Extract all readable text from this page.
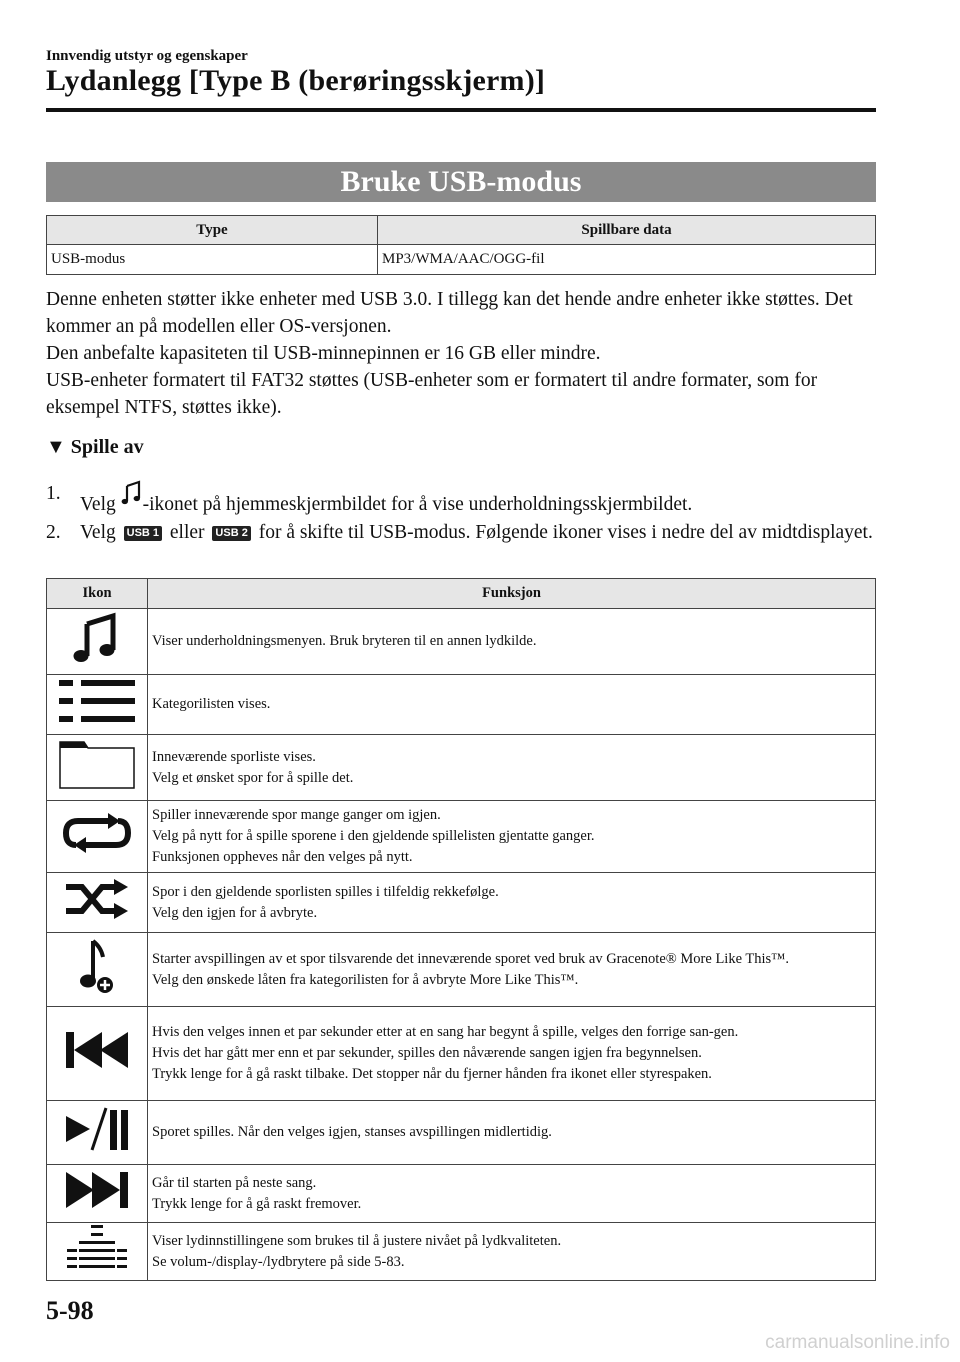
Innvendig utstyr og egenskaper
Lydanlegg [Type B (berøringsskjerm)]
Bruke USB-modus
Type	Spillbare data
USB-modus	MP3/WMA/AAC/OGG-fil

Denne enheten støtter ikke enheter med USB 3.0. I tillegg kan det hende andre enheter ikke støttes. Det kommer an på modellen eller OS-versjonen.

Den anbefalte kapasiteten til USB-minnepinnen er 16 GB eller mindre.

USB-enheter formatert til FAT32 støttes (USB-enheter som er formatert til andre formater, som for eksempel NTFS, støttes ikke).

▼ Spille av

1.
Velg -ikonet på hjemmeskjermbildet for å vise underholdningsskjermbildet.

2. Velg USB 1 eller USB 2 for å skifte til USB-modus. Følgende ikoner vises i nedre del av midtdisplayet.

Ikon	Funksjon

Viser underholdningsmenyen. Bruk bryteren til en annen lydkilde.

Kategorilisten vises.

Inneværende sporliste vises.
Velg et ønsket spor for å spille det.

Spiller inneværende spor mange ganger om igjen.
Velg på nytt for å spille sporene i den gjeldende spillelisten gjentatte ganger.
Funksjonen oppheves når den velges på nytt.

Spor i den gjeldende sporlisten spilles i tilfeldig rekkefølge.
Velg den igjen for å avbryte.

Starter avspillingen av et spor tilsvarende det inneværende sporet ved bruk av Gracenote® More Like This™.
Velg den ønskede låten fra kategorilisten for å avbryte More Like This™.

Hvis den velges innen et par sekunder etter at en sang har begynt å spille, velges den forrige san-gen.
Hvis det har gått mer enn et par sekunder, spilles den nåværende sangen igjen fra begynnelsen.
Trykk lenge for å gå raskt tilbake. Det stopper når du fjerner hånden fra ikonet eller styrespaken.

Sporet spilles. Når den velges igjen, stanses avspillingen midlertidig.

Går til starten på neste sang.
Trykk lenge for å gå raskt fremover.

Viser lydinnstillingene som brukes til å justere nivået på lydkvaliteten.
Se volum-/display-/lydbrytere på side 5-83.
5-98
carmanualsonline.info
